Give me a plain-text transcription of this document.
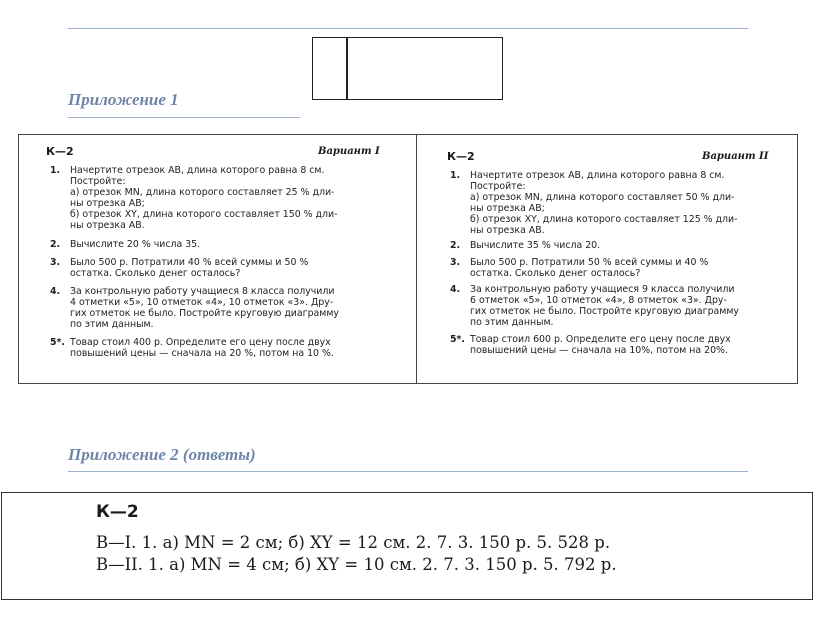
Приложение 1
Приложение 2 (ответы)
К—2	Вариант I
1. Начертите отрезок AB, длина которого равна 8 см.
Постройте:
а) отрезок MN, длина которого составляет 25 % дли-
ны отрезка AB;
б) отрезок XY, длина которого составляет 150 % дли-
ны отрезка AB.
2. Вычислите 20 % числа 35.
3. Было 500 р. Потратили 40 % всей суммы и 50 %
остатка. Сколько денег осталось?
4. За контрольную работу учащиеся 8 класса получили
4 отметки «5», 10 отметок «4», 10 отметок «3». Дру-
гих отметок не было. Постройте круговую диаграмму
по этим данным.
5*. Товар стоил 400 р. Определите его цену после двух
повышений цены — сначала на 20 %, потом на 10 %.
К—2	Вариант II
1. Начертите отрезок AB, длина которого равна 8 см.
Постройте:
а) отрезок MN, длина которого составляет 50 % дли-
ны отрезка AB;
б) отрезок XY, длина которого составляет 125 % дли-
ны отрезка AB.
2. Вычислите 35 % числа 20.
3. Было 500 р. Потратили 50 % всей суммы и 40 %
остатка. Сколько денег осталось?
4. За контрольную работу учащиеся 9 класса получили
6 отметок «5», 10 отметок «4», 8 отметок «3». Дру-
гих отметок не было. Постройте круговую диаграмму
по этим данным.
5*. Товар стоил 600 р. Определите его цену после двух
повышений цены — сначала на 10%, потом на 20%.
К—2
В—I. 1. а) MN = 2 см; б) XY = 12 см. 2. 7. 3. 150 р. 5. 528 р.
В—II. 1. а) MN = 4 см; б) XY = 10 см. 2. 7. 3. 150 р. 5. 792 р.
